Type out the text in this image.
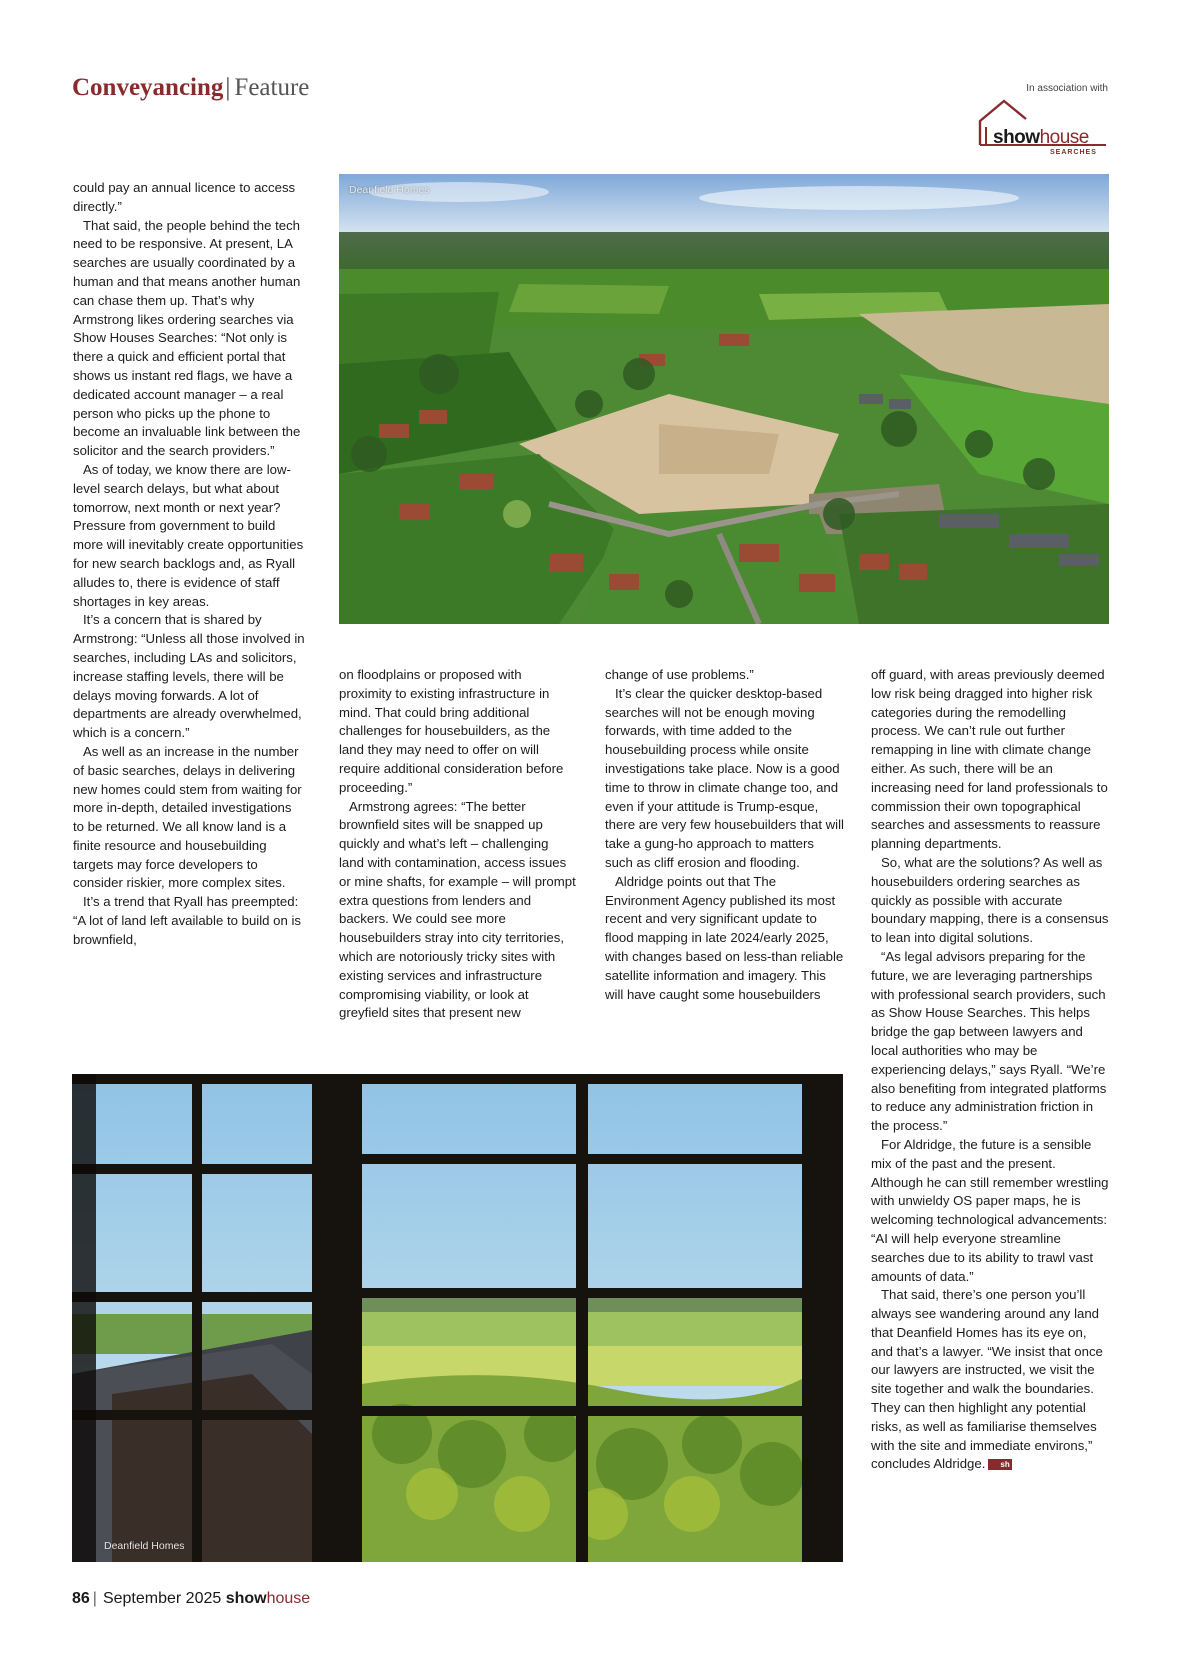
Conveyancing| Feature	In association with
showhouse
SEARCHES
Deanfield Homes

could pay an annual licence to access directly.”

That said, the people behind the tech need to be responsive. At present, LA searches are usually coordinated by a human and that means another human can chase them up. That’s why Armstrong likes ordering searches via Show Houses Searches: “Not only is there a quick and efficient portal that shows us instant red flags, we have a dedicated account manager – a real person who picks up the phone to become an invaluable link between the solicitor and the search providers.”

As of today, we know there are low-level search delays, but what about tomorrow, next month or next year? Pressure from government to build more will inevitably create opportunities for new search backlogs and, as Ryall alludes to, there is evidence of staff shortages in key areas.

It’s a concern that is shared by Armstrong: “Unless all those involved in searches, including LAs and solicitors, increase staffing levels, there will be delays moving forwards. A lot of departments are already overwhelmed, which is a concern.”

As well as an increase in the number of basic searches, delays in delivering new homes could stem from waiting for more in-depth, detailed investigations to be returned. We all know land is a finite resource and housebuilding targets may force developers to consider riskier, more complex sites.

It’s a trend that Ryall has preempted: “A lot of land left available to build on is brownfield,

on floodplains or proposed with proximity to existing infrastructure in mind. That could bring additional challenges for housebuilders, as the land they may need to offer on will require additional consideration before proceeding.”

Armstrong agrees: “The better brownfield sites will be snapped up quickly and what’s left – challenging land with contamination, access issues or mine shafts, for example – will prompt extra questions from lenders and backers. We could see more housebuilders stray into city territories, which are notoriously tricky sites with existing services and infrastructure compromising viability, or look at greyfield sites that present new

change of use problems.”

It’s clear the quicker desktop-based searches will not be enough moving forwards, with time added to the housebuilding process while onsite investigations take place. Now is a good time to throw in climate change too, and even if your attitude is Trump-esque, there are very few housebuilders that will take a gung-ho approach to matters such as cliff erosion and flooding.

Aldridge points out that The Environment Agency published its most recent and very significant update to flood mapping in late 2024/early 2025, with changes based on less-than reliable satellite information and imagery. This will have caught some housebuilders

off guard, with areas previously deemed low risk being dragged into higher risk categories during the remodelling process. We can’t rule out further remapping in line with climate change either. As such, there will be an increasing need for land professionals to commission their own topographical searches and assessments to reassure planning departments.

So, what are the solutions? As well as housebuilders ordering searches as quickly as possible with accurate boundary mapping, there is a consensus to lean into digital solutions.

“As legal advisors preparing for the future, we are leveraging partnerships with professional search providers, such as Show House Searches. This helps bridge the gap between lawyers and local authorities who may be experiencing delays,” says Ryall. “We’re also benefiting from integrated platforms to reduce any administration friction in the process.”

For Aldridge, the future is a sensible mix of the past and the present. Although he can still remember wrestling with unwieldy OS paper maps, he is welcoming technological advancements: “AI will help everyone streamline searches due to its ability to trawl vast amounts of data.”

That said, there’s one person you’ll always see wandering around any land that Deanfield Homes has its eye on, and that’s a lawyer. “We insist that once our lawyers are instructed, we visit the site together and walk the boundaries. They can then highlight any potential risks, as well as familiarise themselves with the site and immediate environs,” concludes Aldridge. sh

Deanfield Homes
86 | September 2025 showhouse
